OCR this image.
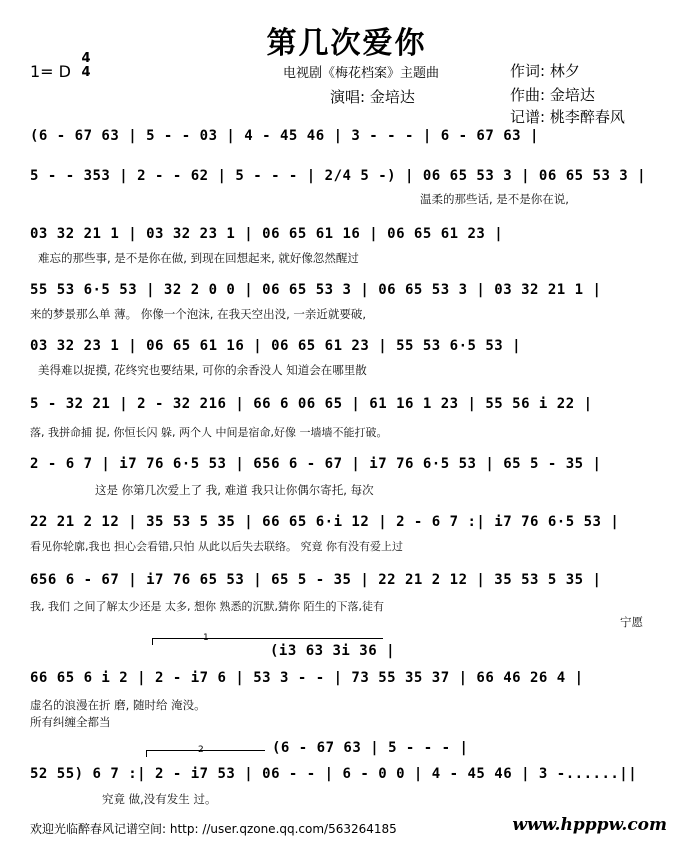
第几次爱你
1= D
4
4	电视剧《梅花档案》主题曲
演唱: 金培达
作词: 林夕
作曲: 金培达
记谱: 桃李醉春风
(6 - 67 63 | 5 - - 03 | 4 - 45 46 | 3 - - - | 6 - 67 63 |
5 - - 353 | 2 - - 62 | 5 - - - | 2/4 5 -) | 06 65 53 3 | 06 65 53 3 |
温柔的那些话, 是不是你在说,
03 32 21 1 | 03 32 23 1 | 06 65 61 16 | 06 65 61 23 |
难忘的那些事, 是不是你在做, 到现在回想起来, 就好像忽然醒过
55 53 6·5 53 | 32 2 0 0 | 06 65 53 3 | 06 65 53 3 | 03 32 21 1 |
来的梦景那么单 薄。 你像一个泡沫, 在我天空出没, 一亲近就要破,
03 32 23 1 | 06 65 61 16 | 06 65 61 23 | 55 53 6·5 53 |
美得难以捉摸, 花终究也要结果, 可你的余香没人 知道会在哪里散
5 - 32 21 | 2 - 32 216 | 66 6 06 65 | 61 16 1 23 | 55 56 i 22 |
落, 我拼命捕 捉, 你恒长闪 躲, 两个人 中间是宿命,好像 一墙墙不能打破。
2 - 6 7 | i7 76 6·5 53 | 656 6 - 67 | i7 76 6·5 53 | 65 5 - 35 |
这是 你第几次爱上了 我, 难道 我只让你偶尔寄托, 每次
22 21 2 12 | 35 53 5 35 | 66 65 6·i 12 | 2 - 6 7 :| i7 76 6·5 53 |
看见你轮廓,我也 担心会看错,只怕 从此以后失去联络。 究竟 你有没有爱上过
656 6 - 67 | i7 76 65 53 | 65 5 - 35 | 22 21 2 12 | 35 53 5 35 |
我, 我们 之间了解太少还是 太多, 想你 熟悉的沉默,猜你 陌生的下落,徒有
宁愿
1
(i3 63 3i 36 |
66 65 6 i 2 | 2 - i7 6 | 53 3 - - | 73 55 35 37 | 66 46 26 4 |
虚名的浪漫在折 磨, 随时给 淹没。
所有纠缠全都当
2	(6 - 67 63 | 5 - - - |
52 55) 6 7 :| 2 - i7 53 | 06 - - | 6 - 0 0 | 4 - 45 46 | 3 -......||
究竟 做,没有发生 过。
欢迎光临醉春风记谱空间: http: //user.qzone.qq.com/563264185	www.hpppw.com
